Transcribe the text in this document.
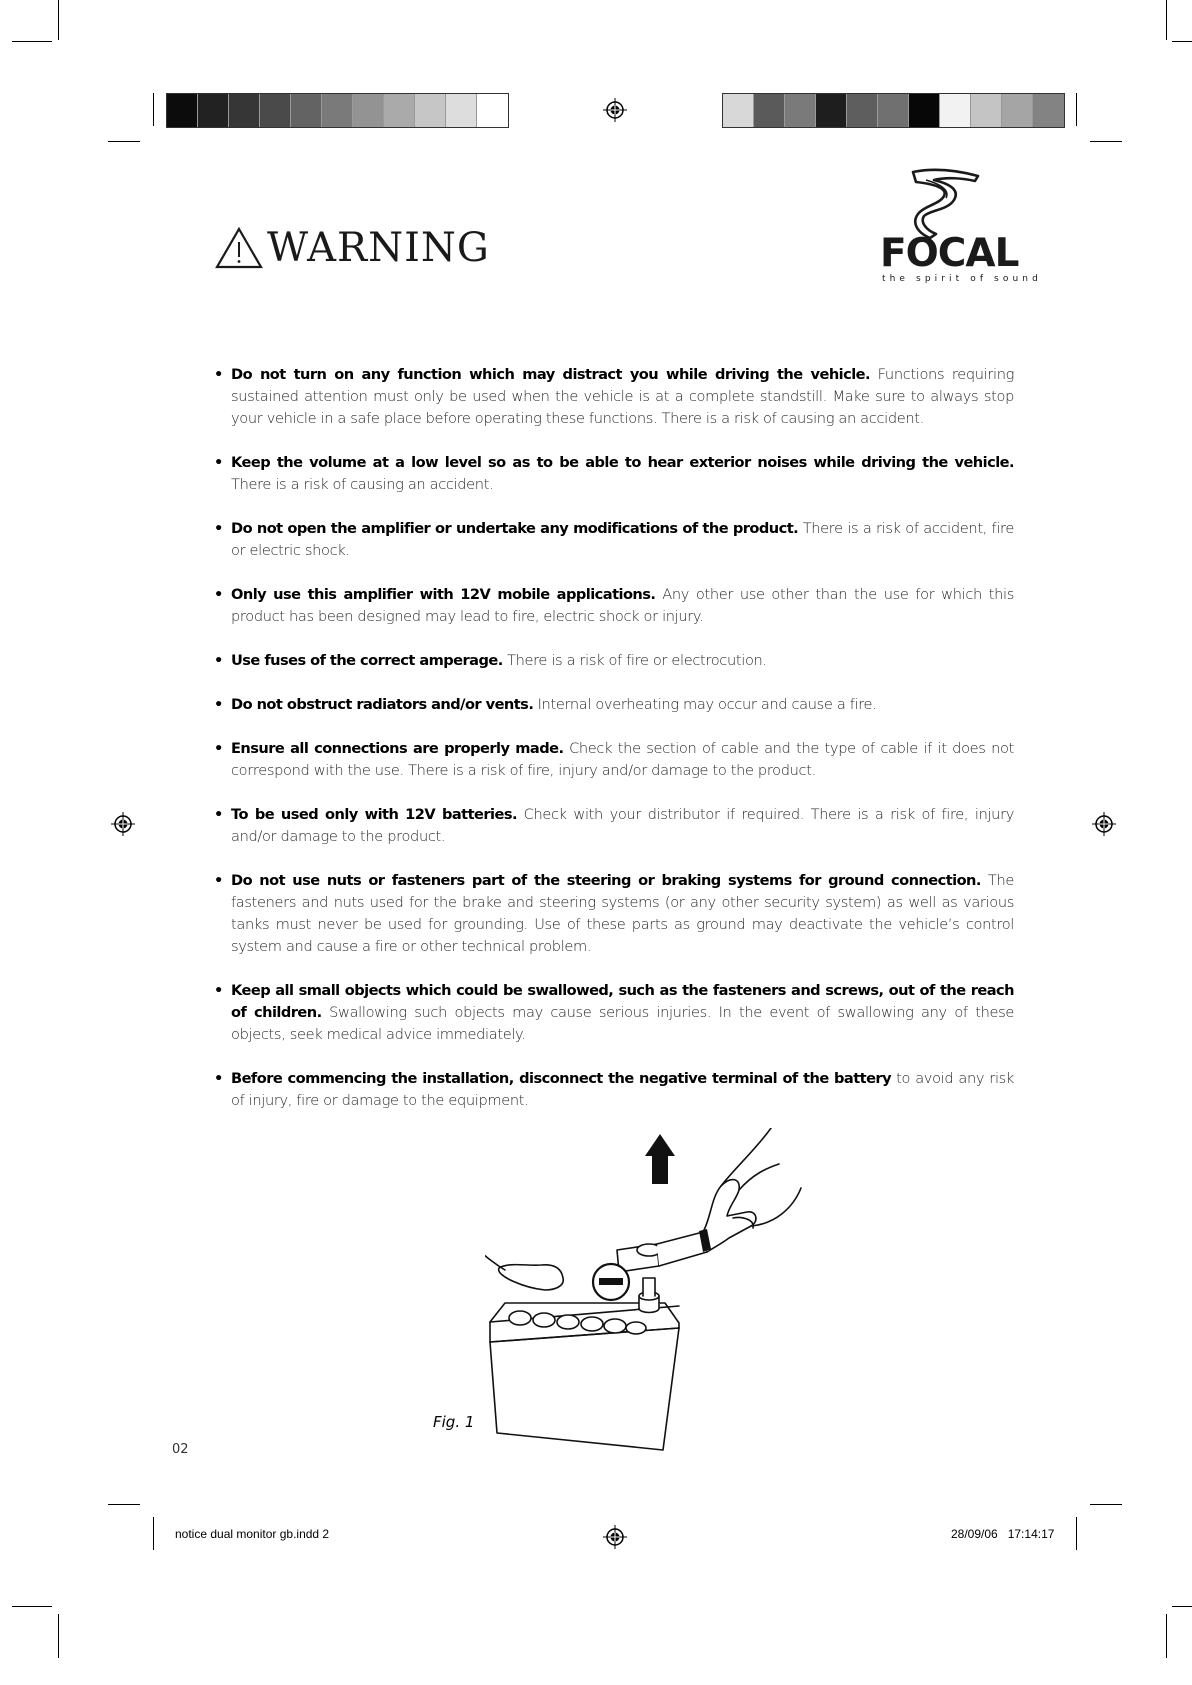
WARNING	FOCAL
the spirit of sound
• Do not turn on any function which may distract you while driving the vehicle. Functions requiring sustained attention must only be used when the vehicle is at a complete standstill. Make sure to always stop your vehicle in a safe place before operating these functions. There is a risk of causing an accident.
• Keep the volume at a low level so as to be able to hear exterior noises while driving the vehicle. There is a risk of causing an accident.
• Do not open the amplifier or undertake any modifications of the product. There is a risk of accident, fire or electric shock.
• Only use this amplifier with 12V mobile applications. Any other use other than the use for which this product has been designed may lead to fire, electric shock or injury.
• Use fuses of the correct amperage. There is a risk of fire or electrocution.
• Do not obstruct radiators and/or vents. Internal overheating may occur and cause a fire.
• Ensure all connections are properly made. Check the section of cable and the type of cable if it does not correspond with the use. There is a risk of fire, injury and/or damage to the product.
• To be used only with 12V batteries. Check with your distributor if required. There is a risk of fire, injury and/or damage to the product.
• Do not use nuts or fasteners part of the steering or braking systems for ground connection. The fasteners and nuts used for the brake and steering systems (or any other security system) as well as various tanks must never be used for grounding. Use of these parts as ground may deactivate the vehicle’s control system and cause a fire or other technical problem.
• Keep all small objects which could be swallowed, such as the fasteners and screws, out of the reach of children. Swallowing such objects may cause serious injuries. In the event of swallowing any of these objects, seek medical advice immediately.
• Before commencing the installation, disconnect the negative terminal of the battery to avoid any risk of injury, fire or damage to the equipment.
Fig. 1
02
notice dual monitor gb.indd 2	28/09/06   17:14:17
